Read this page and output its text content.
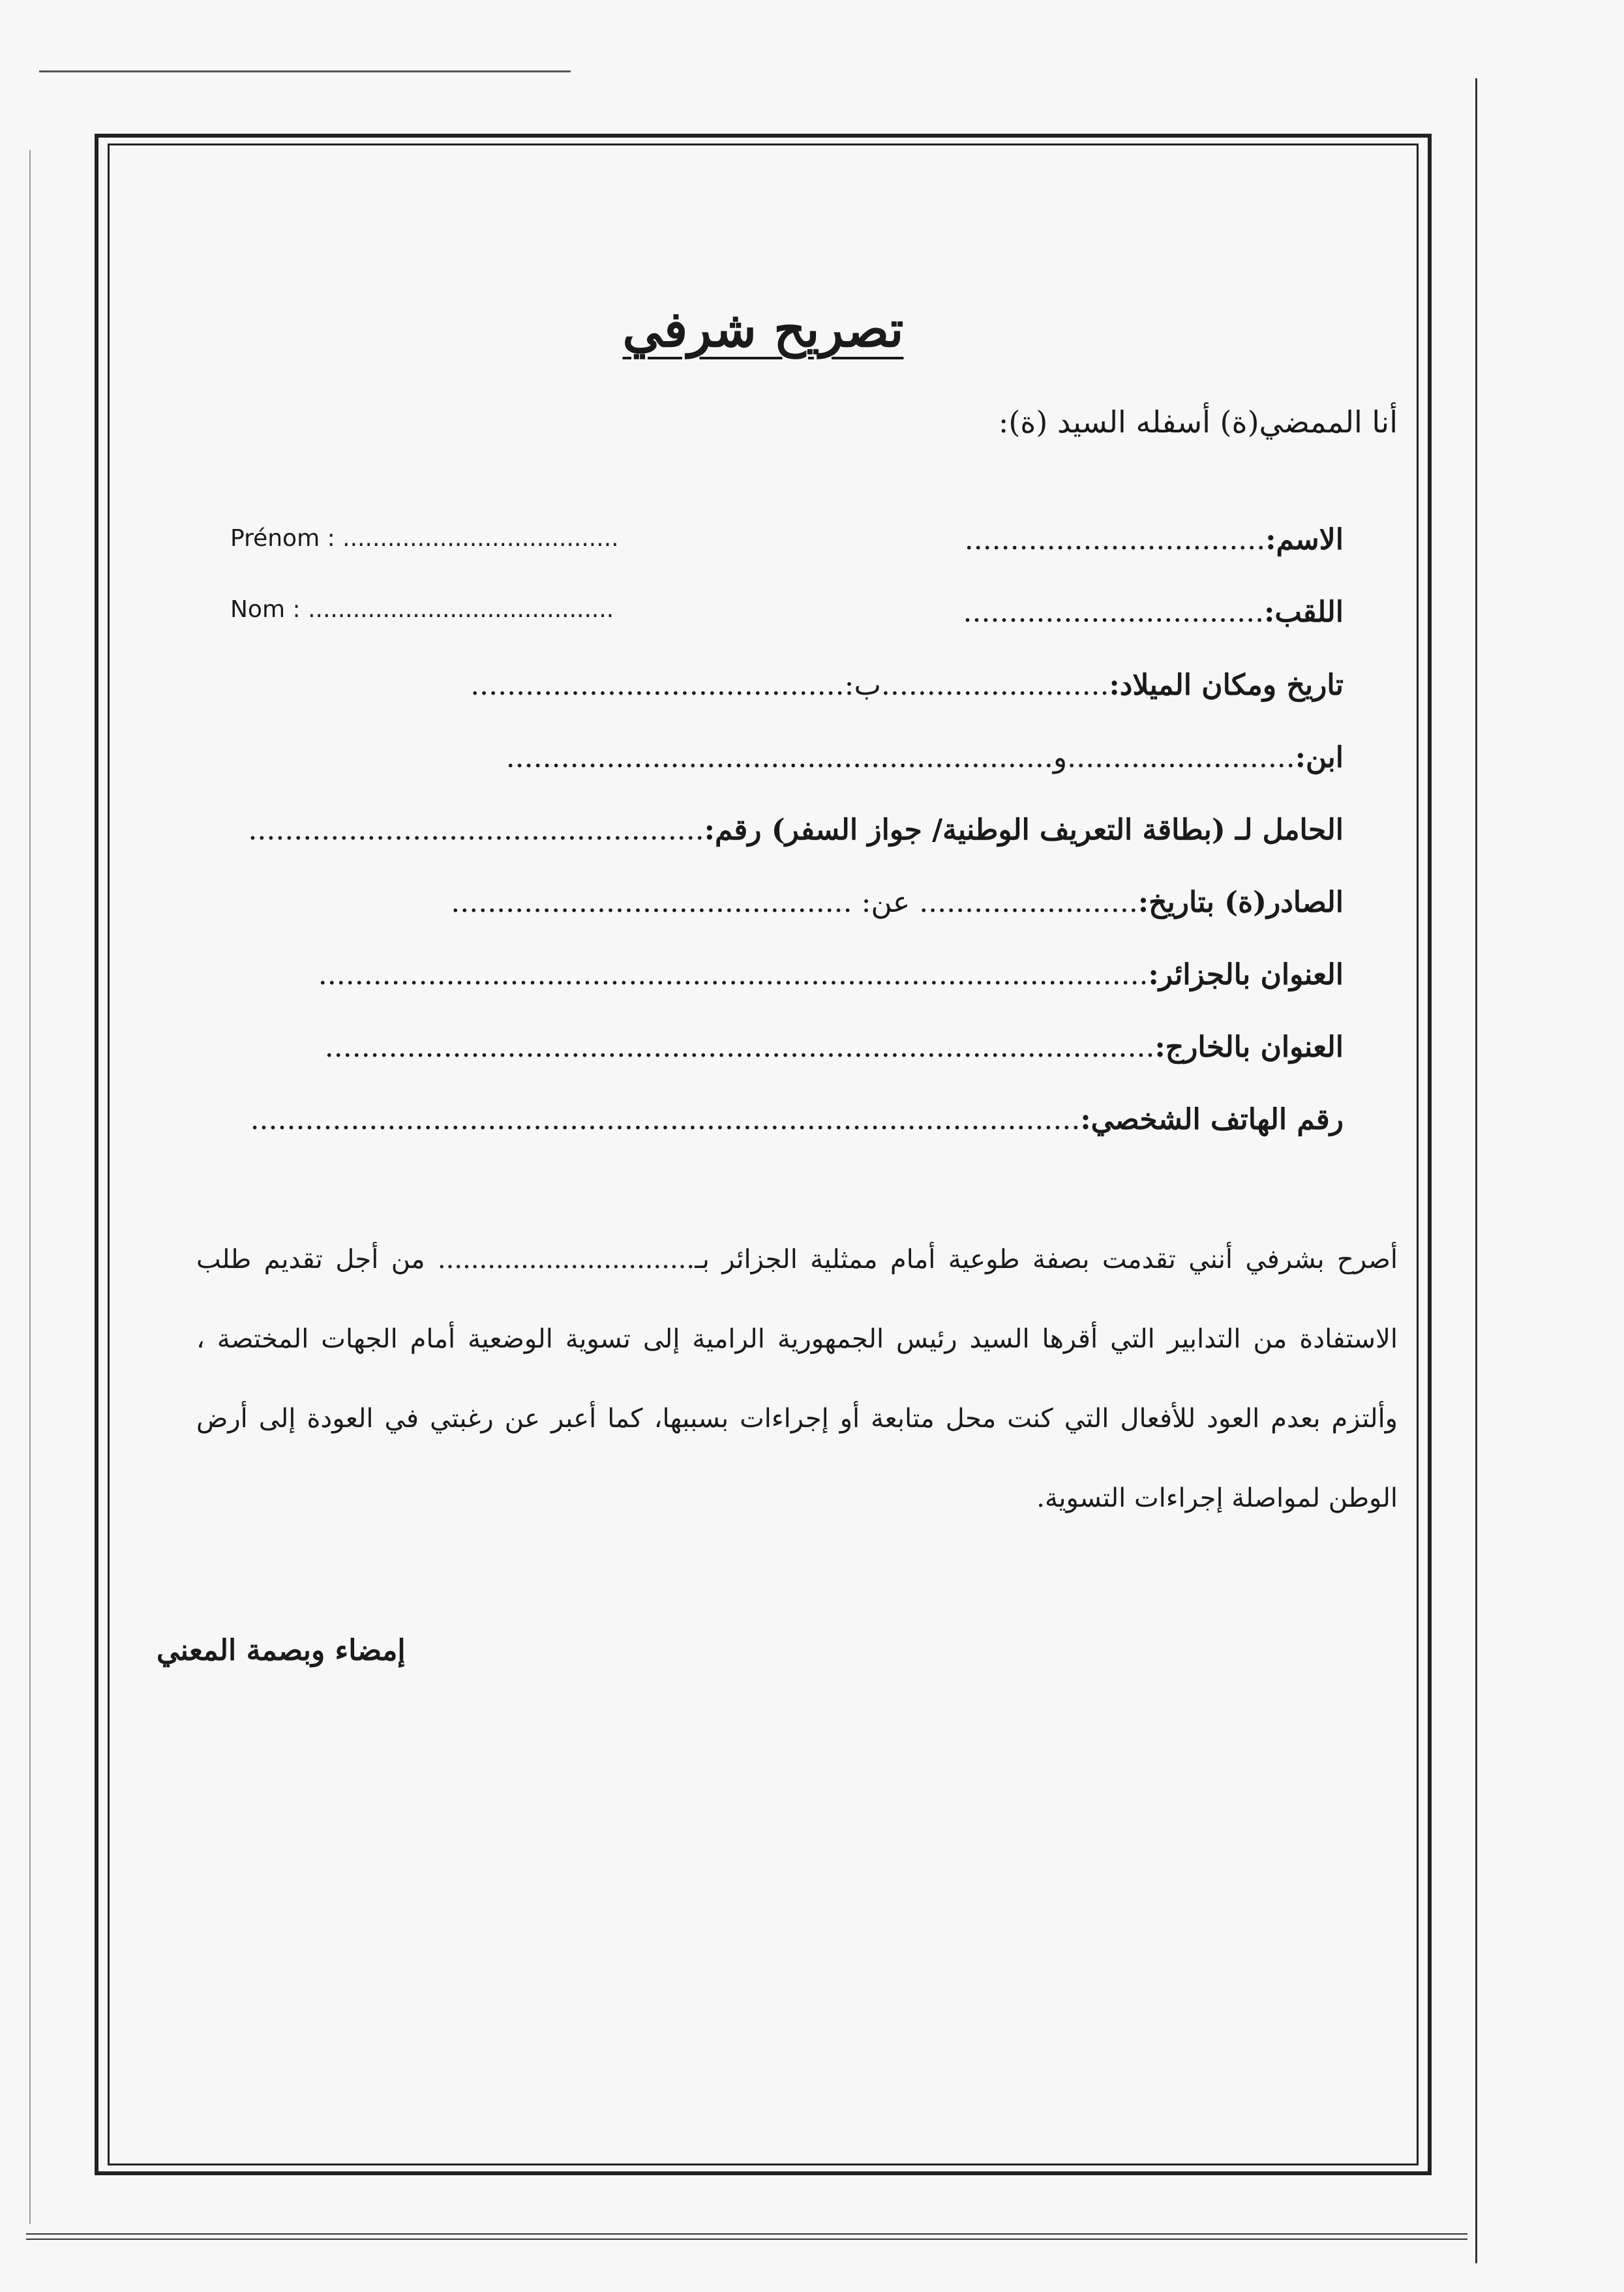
تصريح شرفي
أنا الممضي(ة) أسفله السيد (ة):
Prénom : .....................................
Nom : .........................................
الاسم:.................................
اللقب:.................................
تاريخ ومكان الميلاد:.........................ب:.........................................
ابن:.........................و............................................................
الحامل لـ (بطاقة التعريف الوطنية/ جواز السفر) رقم:..................................................
الصادر(ة) بتاريخ:........................ عن: ............................................
العنوان بالجزائر:...........................................................................................
العنوان بالخارج:...........................................................................................
رقم الهاتف الشخصي:...........................................................................................
أصرح بشرفي أنني تقدمت بصفة طوعية أمام ممثلية الجزائر بـ............................... من أجل تقديم طلب
الاستفادة من التدابير التي أقرها السيد رئيس الجمهورية الرامية إلى تسوية الوضعية أمام الجهات المختصة ،
وألتزم بعدم العود للأفعال التي كنت محل متابعة أو إجراءات بسببها، كما أعبر عن رغبتي في العودة إلى أرض
الوطن لمواصلة إجراءات التسوية.
إمضاء وبصمة المعني
